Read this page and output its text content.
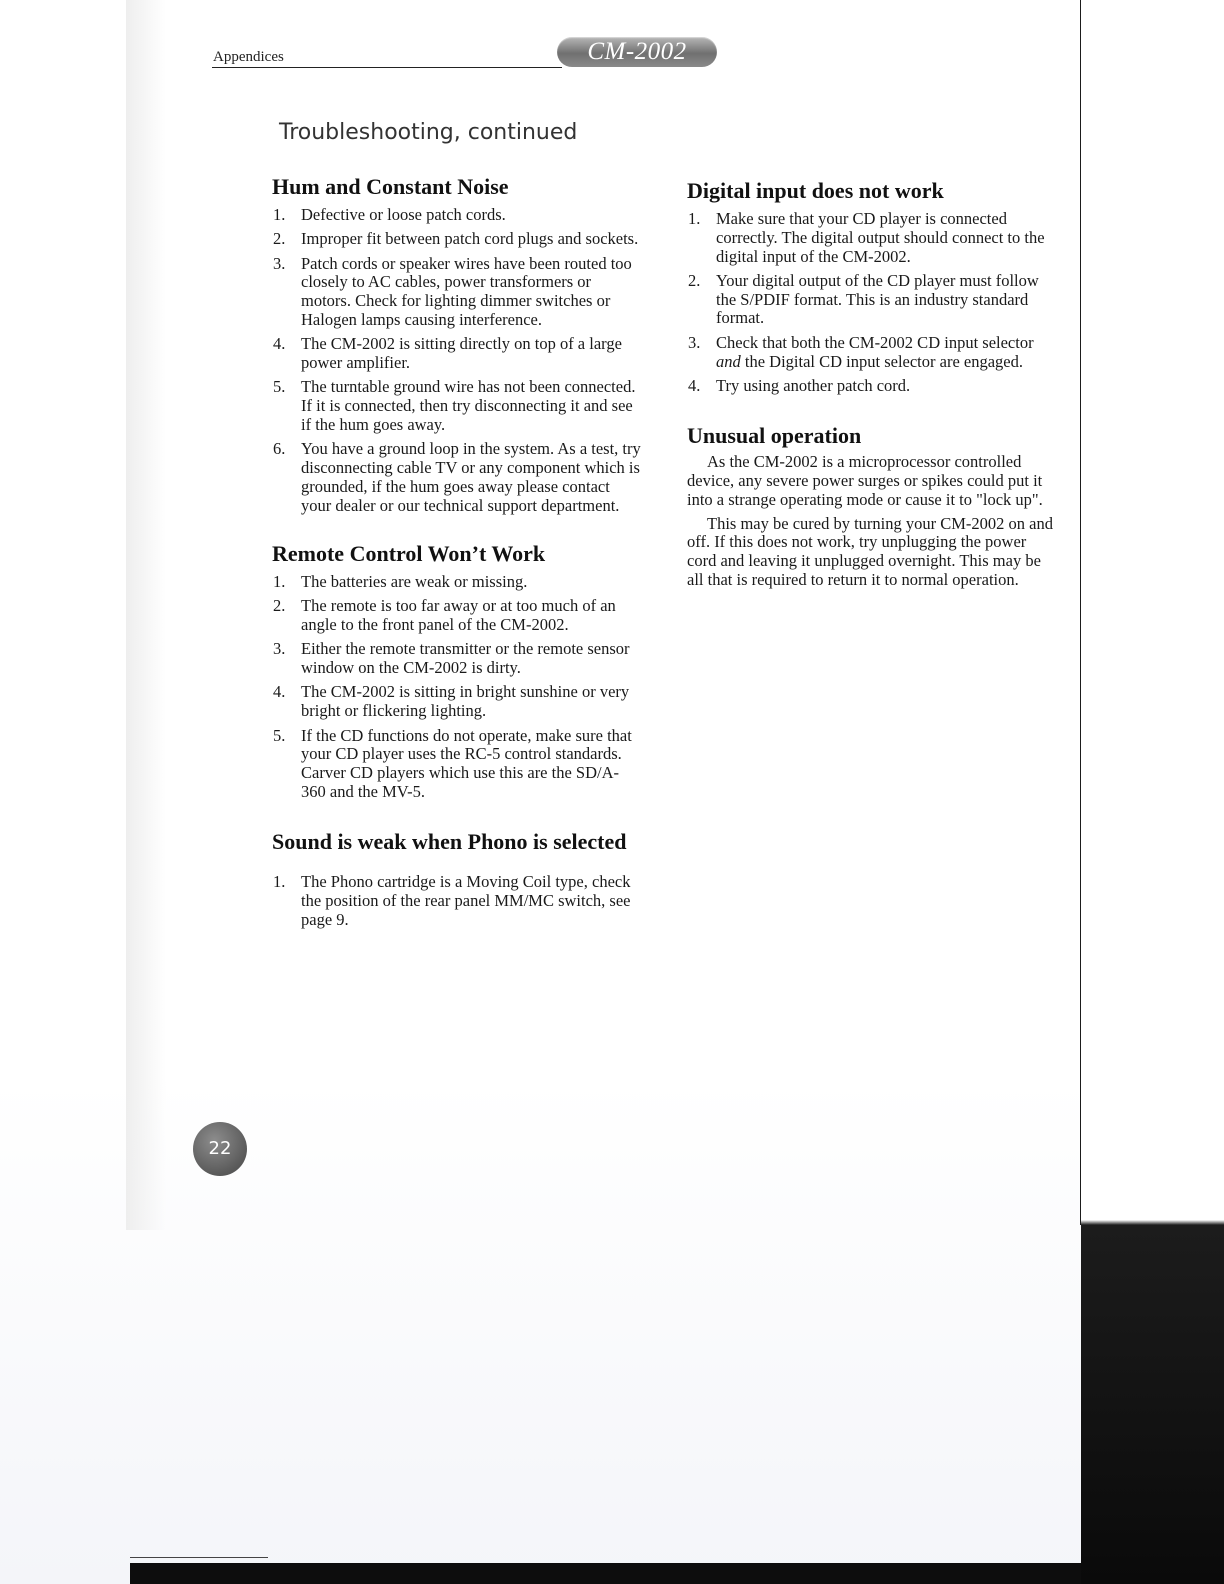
Appendices	CM-2002
Troubleshooting, continued
Hum and Constant Noise
1. Defective or loose patch cords.
2. Improper fit between patch cord plugs and sockets.
3. Patch cords or speaker wires have been routed too closely to AC cables, power transformers or motors. Check for lighting dimmer switches or Halogen lamps causing interference.
4. The CM-2002 is sitting directly on top of a large power amplifier.
5. The turntable ground wire has not been connected. If it is connected, then try disconnecting it and see if the hum goes away.
6. You have a ground loop in the system. As a test, try disconnecting cable TV or any component which is grounded, if the hum goes away please contact your dealer or our technical support department.
Remote Control Won’t Work
1. The batteries are weak or missing.
2. The remote is too far away or at too much of an angle to the front panel of the CM-2002.
3. Either the remote transmitter or the remote sensor window on the CM-2002 is dirty.
4. The CM-2002 is sitting in bright sunshine or very bright or flickering lighting.
5. If the CD functions do not operate, make sure that your CD player uses the RC-5 control standards. Carver CD players which use this are the SD/A-360 and the MV-5.
Sound is weak when Phono is selected
1. The Phono cartridge is a Moving Coil type, check the position of the rear panel MM/MC switch, see page 9.
Digital input does not work
1. Make sure that your CD player is connected correctly. The digital output should connect to the digital input of the CM-2002.
2. Your digital output of the CD player must follow the S/PDIF format. This is an industry standard format.
3. Check that both the CM-2002 CD input selector and the Digital CD input selector are engaged.
4. Try using another patch cord.
Unusual operation

As the CM-2002 is a microprocessor controlled device, any severe power surges or spikes could put it into a strange operating mode or cause it to "lock up".

This may be cured by turning your CM-2002 on and off. If this does not work, try unplugging the power cord and leaving it unplugged overnight. This may be all that is required to return it to normal operation.

22
